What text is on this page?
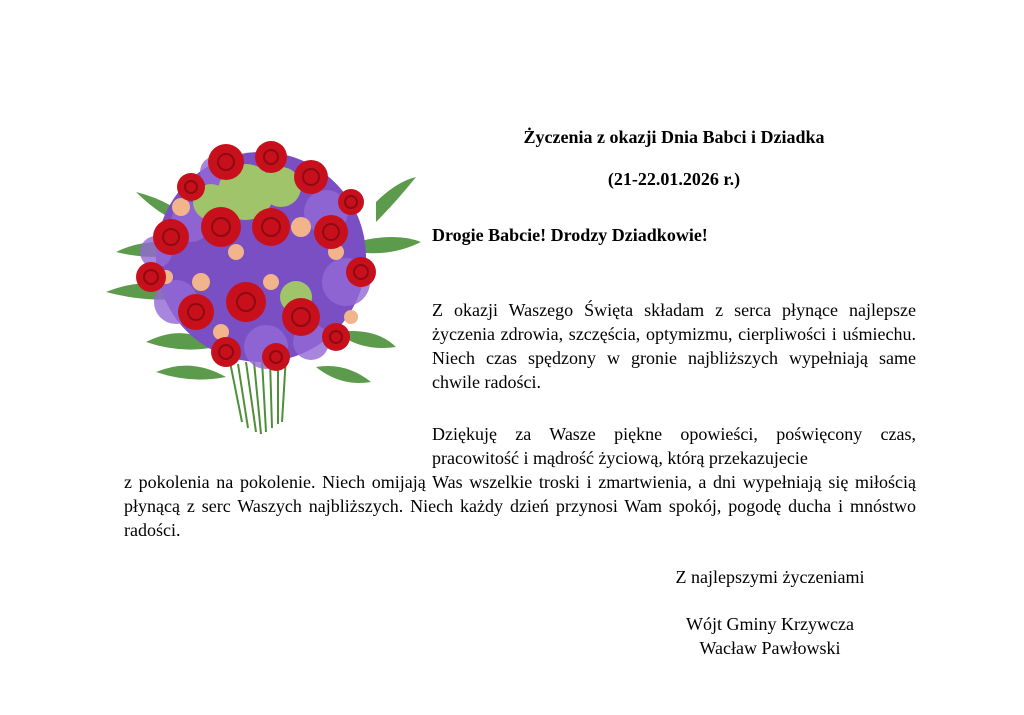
Życzenia z okazji Dnia Babci i Dziadka

(21-22.01.2026 r.)

Drogie Babcie! Drodzy Dziadkowie!

Z okazji Waszego Święta składam z serca płynące najlepsze życzenia zdrowia, szczęścia, optymizmu, cierpliwości i uśmiechu. Niech czas spędzony w gronie najbliższych wypełniają same chwile radości.

Dziękuję za Wasze piękne opowieści, poświęcony czas, pracowitość i mądrość życiową, którą przekazujecie

z pokolenia na pokolenie. Niech omijają Was wszelkie troski i zmartwienia, a dni wypełniają się miłością płynącą z serc Waszych najbliższych. Niech każdy dzień przynosi Wam spokój, pogodę ducha i mnóstwo radości.

Z najlepszymi życzeniami

Wójt Gminy Krzywcza

Wacław Pawłowski
